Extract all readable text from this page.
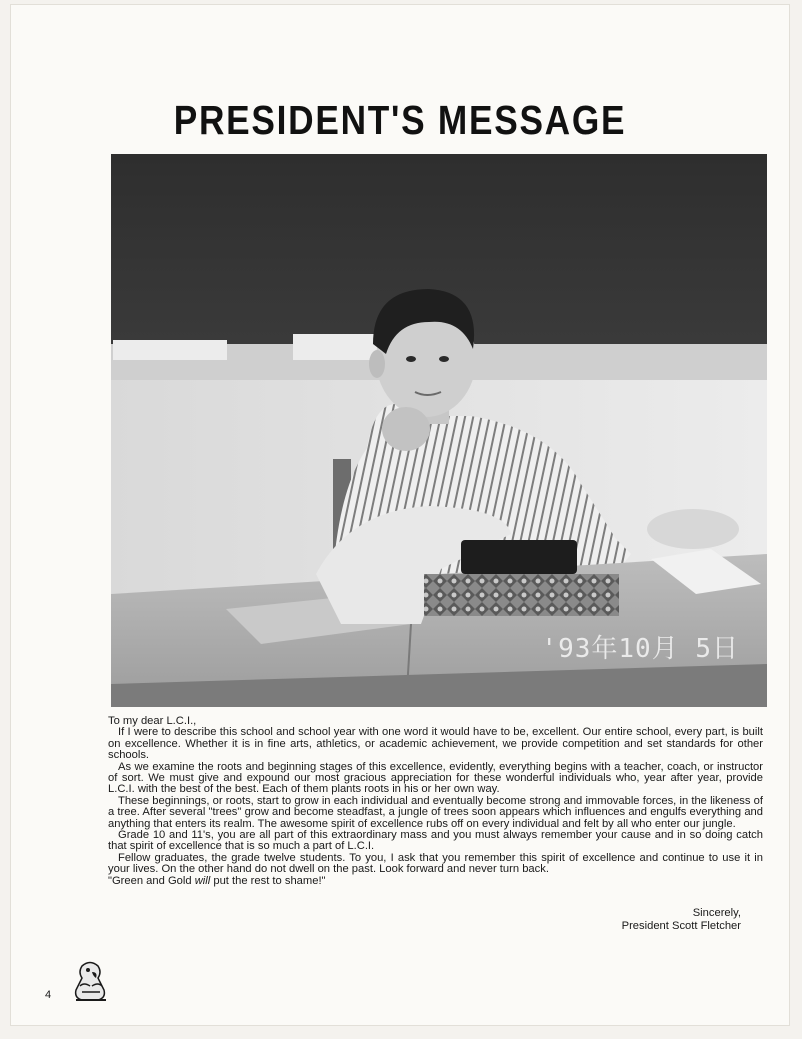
PRESIDENT'S MESSAGE
'93年10月 5日

To my dear L.C.I.,

If I were to describe this school and school year with one word it would have to be, excellent. Our entire school, every part, is built on excellence. Whether it is in fine arts, athletics, or academic achievement, we provide competition and set standards for other schools.

As we examine the roots and beginning stages of this excellence, evidently, everything begins with a teacher, coach, or instructor of sort. We must give and expound our most gracious appreciation for these wonderful individuals who, year after year, provide L.C.I. with the best of the best. Each of them plants roots in his or her own way.

These beginnings, or roots, start to grow in each individual and eventually become strong and immovable forces, in the likeness of a tree. After several "trees" grow and become steadfast, a jungle of trees soon appears which influences and engulfs everything and anything that enters its realm. The awesome spirit of excellence rubs off on every individual and felt by all who enter our jungle.

Grade 10 and 11's, you are all part of this extraordinary mass and you must always remember your cause and in so doing catch that spirit of excellence that is so much a part of L.C.I.

Fellow graduates, the grade twelve students. To you, I ask that you remember this spirit of excellence and continue to use it in your lives. On the other hand do not dwell on the past. Look forward and never turn back.

"Green and Gold will put the rest to shame!"

Sincerely,
President Scott Fletcher
4
